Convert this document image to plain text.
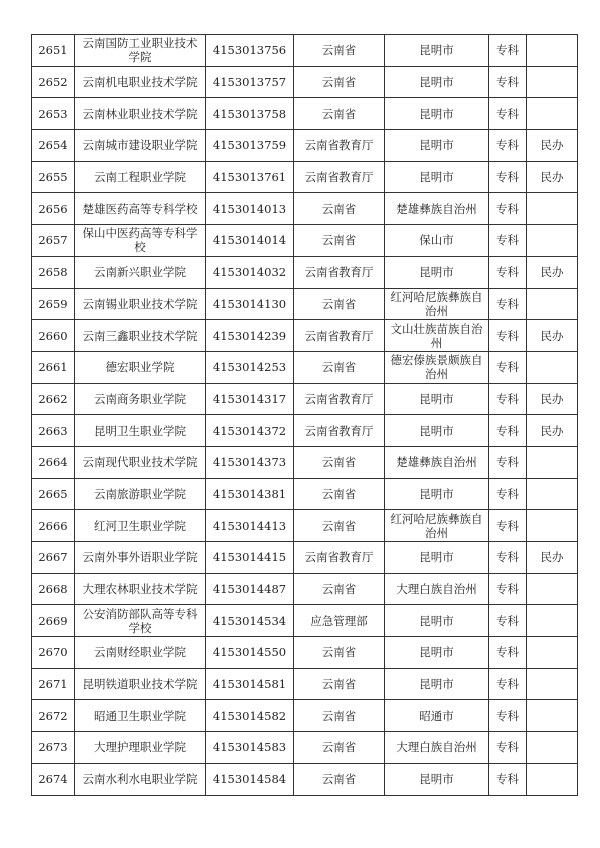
2651	云南国防工业职业技术学院	4153013756	云南省	昆明市	专科	
2652	云南机电职业技术学院	4153013757	云南省	昆明市	专科	
2653	云南林业职业技术学院	4153013758	云南省	昆明市	专科	
2654	云南城市建设职业学院	4153013759	云南省教育厅	昆明市	专科	民办
2655	云南工程职业学院	4153013761	云南省教育厅	昆明市	专科	民办
2656	楚雄医药高等专科学校	4153014013	云南省	楚雄彝族自治州	专科	
2657	保山中医药高等专科学校	4153014014	云南省	保山市	专科	
2658	云南新兴职业学院	4153014032	云南省教育厅	昆明市	专科	民办
2659	云南锡业职业技术学院	4153014130	云南省	红河哈尼族彝族自治州	专科	
2660	云南三鑫职业技术学院	4153014239	云南省教育厅	文山壮族苗族自治州	专科	民办
2661	德宏职业学院	4153014253	云南省	德宏傣族景颇族自治州	专科	
2662	云南商务职业学院	4153014317	云南省教育厅	昆明市	专科	民办
2663	昆明卫生职业学院	4153014372	云南省教育厅	昆明市	专科	民办
2664	云南现代职业技术学院	4153014373	云南省	楚雄彝族自治州	专科	
2665	云南旅游职业学院	4153014381	云南省	昆明市	专科	
2666	红河卫生职业学院	4153014413	云南省	红河哈尼族彝族自治州	专科	
2667	云南外事外语职业学院	4153014415	云南省教育厅	昆明市	专科	民办
2668	大理农林职业技术学院	4153014487	云南省	大理白族自治州	专科	
2669	公安消防部队高等专科学校	4153014534	应急管理部	昆明市	专科	
2670	云南财经职业学院	4153014550	云南省	昆明市	专科	
2671	昆明铁道职业技术学院	4153014581	云南省	昆明市	专科	
2672	昭通卫生职业学院	4153014582	云南省	昭通市	专科	
2673	大理护理职业学院	4153014583	云南省	大理白族自治州	专科	
2674	云南水利水电职业学院	4153014584	云南省	昆明市	专科	
